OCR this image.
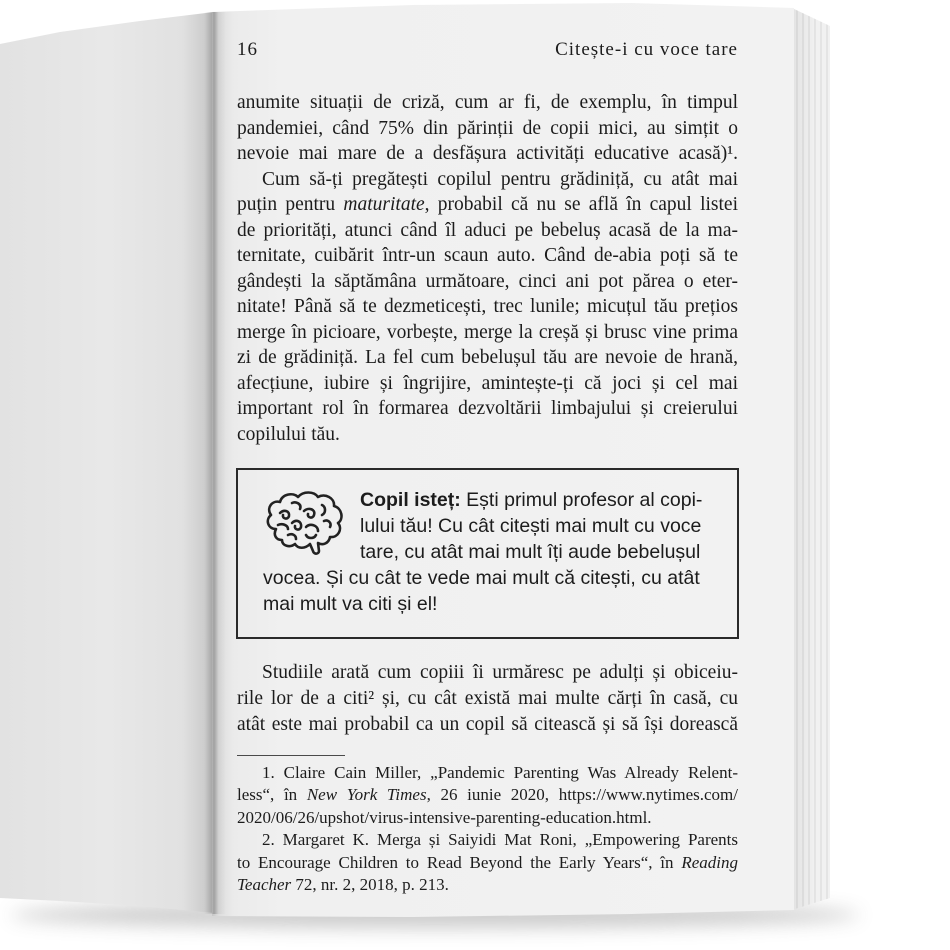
16	Citește-i cu voce tare
anumite situații de criză, cum ar fi, de exemplu, în timpul
pandemiei, când 75% din părinții de copii mici, au simțit o
nevoie mai mare de a desfășura activități educative acasă)¹.
Cum să-ți pregătești copilul pentru grădiniță, cu atât mai
puțin pentru maturitate, probabil că nu se află în capul listei
de priorități, atunci când îl aduci pe bebeluș acasă de la ma-
ternitate, cuibărit într-un scaun auto. Când de-abia poți să te
gândești la săptămâna următoare, cinci ani pot părea o eter-
nitate! Până să te dezmeticești, trec lunile; micuțul tău prețios
merge în picioare, vorbește, merge la creșă și brusc vine prima
zi de grădiniță. La fel cum bebelușul tău are nevoie de hrană,
afecțiune, iubire și îngrijire, amintește-ți că joci și cel mai
important rol în formarea dezvoltării limbajului și creierului
copilului tău.
Copil isteț: Ești primul profesor al copi-
lului tău! Cu cât citești mai mult cu voce
tare, cu atât mai mult îți aude bebelușul
vocea. Și cu cât te vede mai mult că citești, cu atât
mai mult va citi și el!
Studiile arată cum copiii îi urmăresc pe adulți și obiceiu-
rile lor de a citi² și, cu cât există mai multe cărți în casă, cu
atât este mai probabil ca un copil să citească și să își dorească
1. Claire Cain Miller, „Pandemic Parenting Was Already Relent-
less“, în New York Times, 26 iunie 2020, https://www.nytimes.com/
2020/06/26/upshot/virus-intensive-parenting-education.html.
2. Margaret K. Merga și Saiyidi Mat Roni, „Empowering Parents
to Encourage Children to Read Beyond the Early Years“, în Reading
Teacher 72, nr. 2, 2018, p. 213.
